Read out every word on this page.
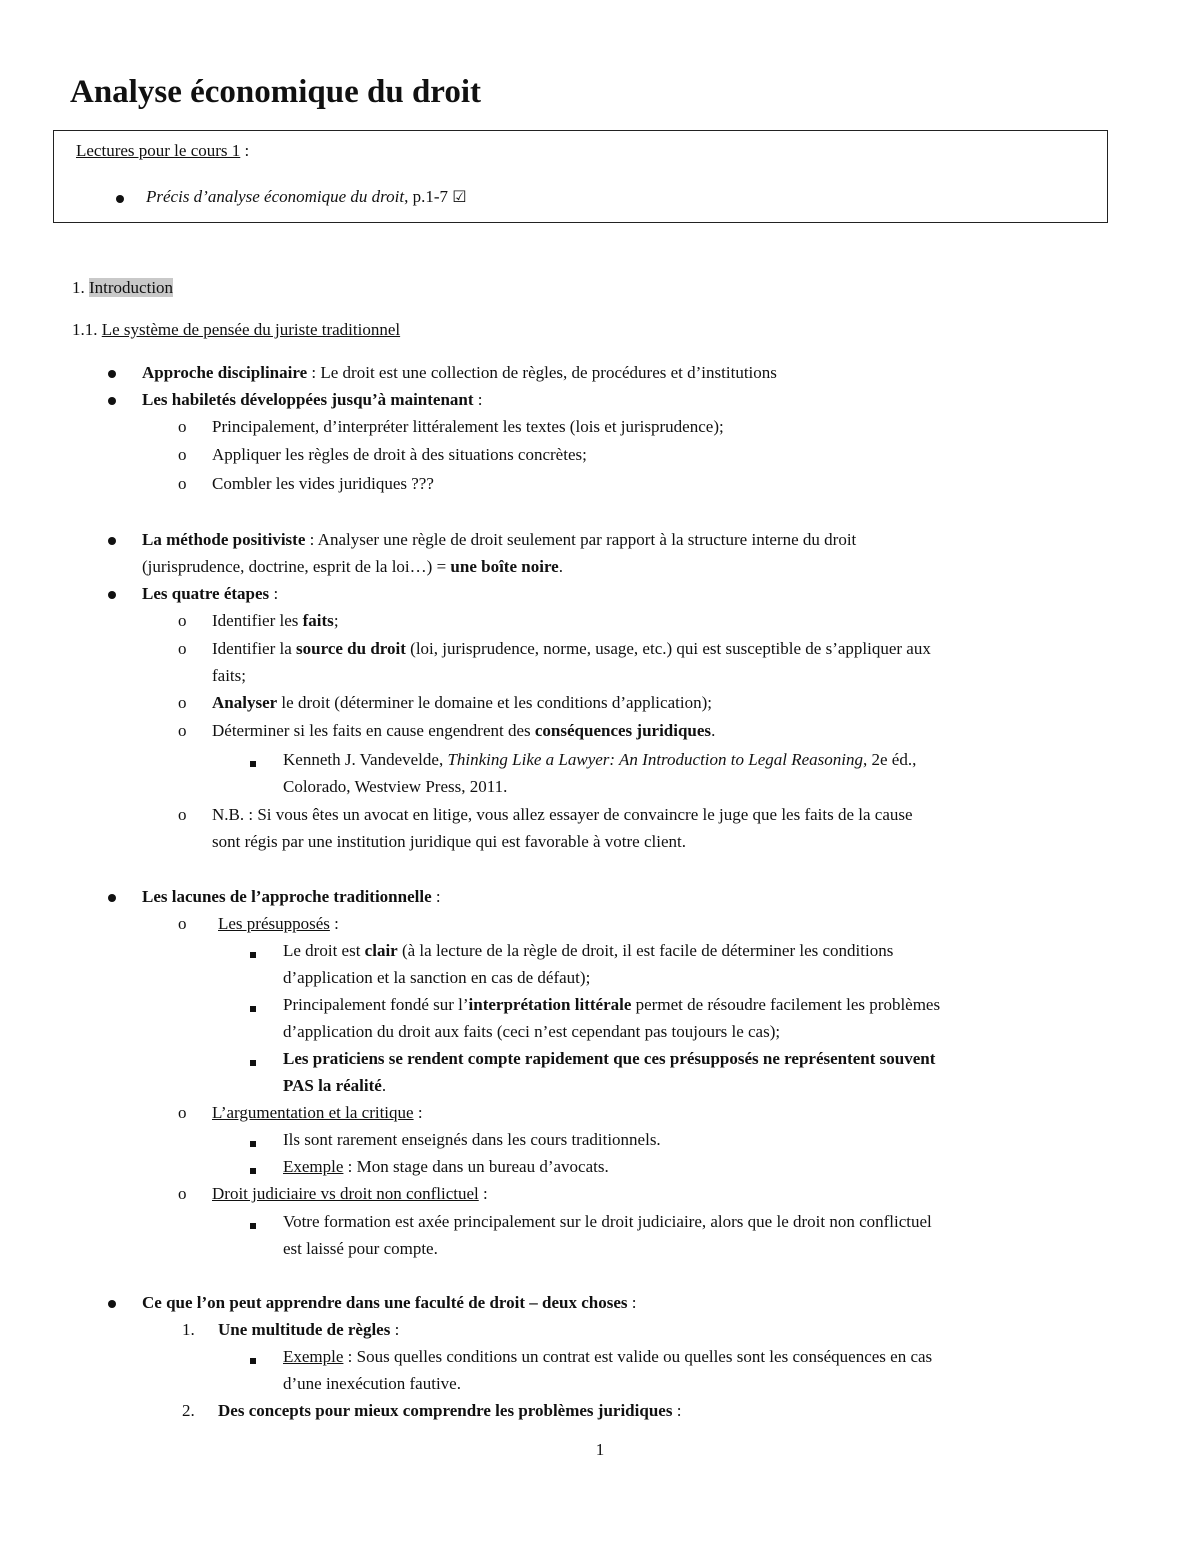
Analyse économique du droit
Lectures pour le cours 1 :
Précis d’analyse économique du droit, p.1-7 ☑
1. Introduction
1.1. Le système de pensée du juriste traditionnel
Approche disciplinaire : Le droit est une collection de règles, de procédures et d’institutions
Les habiletés développées jusqu’à maintenant :
o Principalement, d’interpréter littéralement les textes (lois et jurisprudence);
o Appliquer les règles de droit à des situations concrètes;
o Combler les vides juridiques ???
La méthode positiviste : Analyser une règle de droit seulement par rapport à la structure interne du droit
(jurisprudence, doctrine, esprit de la loi…) = une boîte noire.
Les quatre étapes :
o Identifier les faits;
o Identifier la source du droit (loi, jurisprudence, norme, usage, etc.) qui est susceptible de s’appliquer aux
faits;
o Analyser le droit (déterminer le domaine et les conditions d’application);
o Déterminer si les faits en cause engendrent des conséquences juridiques.
Kenneth J. Vandevelde, Thinking Like a Lawyer: An Introduction to Legal Reasoning, 2e éd.,
Colorado, Westview Press, 2011.
o N.B. : Si vous êtes un avocat en litige, vous allez essayer de convaincre le juge que les faits de la cause
sont régis par une institution juridique qui est favorable à votre client.
Les lacunes de l’approche traditionnelle :
o Les présupposés :
Le droit est clair (à la lecture de la règle de droit, il est facile de déterminer les conditions
d’application et la sanction en cas de défaut);
Principalement fondé sur l’interprétation littérale permet de résoudre facilement les problèmes
d’application du droit aux faits (ceci n’est cependant pas toujours le cas);
Les praticiens se rendent compte rapidement que ces présupposés ne représentent souvent
PAS la réalité.
o L’argumentation et la critique :
Ils sont rarement enseignés dans les cours traditionnels.
Exemple : Mon stage dans un bureau d’avocats.
o Droit judiciaire vs droit non conflictuel :
Votre formation est axée principalement sur le droit judiciaire, alors que le droit non conflictuel
est laissé pour compte.
Ce que l’on peut apprendre dans une faculté de droit – deux choses :
1. Une multitude de règles :
Exemple : Sous quelles conditions un contrat est valide ou quelles sont les conséquences en cas
d’une inexécution fautive.
2. Des concepts pour mieux comprendre les problèmes juridiques :
1
